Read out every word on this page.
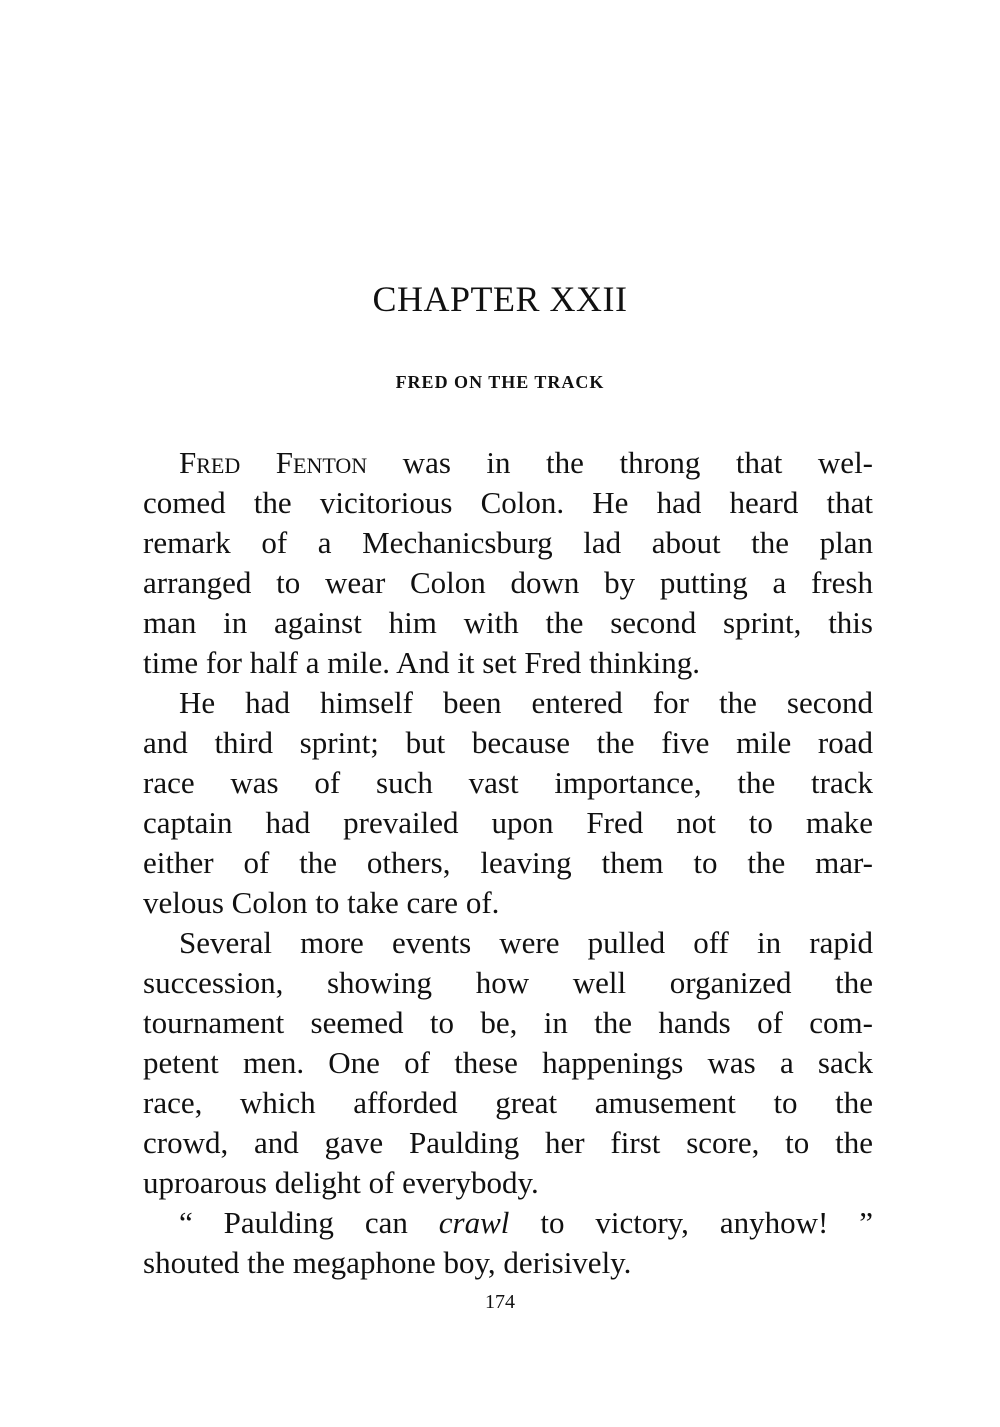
CHAPTER XXII
FRED ON THE TRACK
Fred Fenton was in the throng that wel-
comed the vicitorious Colon. He had heard that
remark of a Mechanicsburg lad about the plan
arranged to wear Colon down by putting a fresh
man in against him with the second sprint, this
time for half a mile. And it set Fred thinking.
He had himself been entered for the second
and third sprint; but because the five mile road
race was of such vast importance, the track
captain had prevailed upon Fred not to make
either of the others, leaving them to the mar-
velous Colon to take care of.
Several more events were pulled off in rapid
succession, showing how well organized the
tournament seemed to be, in the hands of com-
petent men. One of these happenings was a sack
race, which afforded great amusement to the
crowd, and gave Paulding her first score, to the
uproarous delight of everybody.
“ Paulding can crawl to victory, anyhow! ”
shouted the megaphone boy, derisively.
174
